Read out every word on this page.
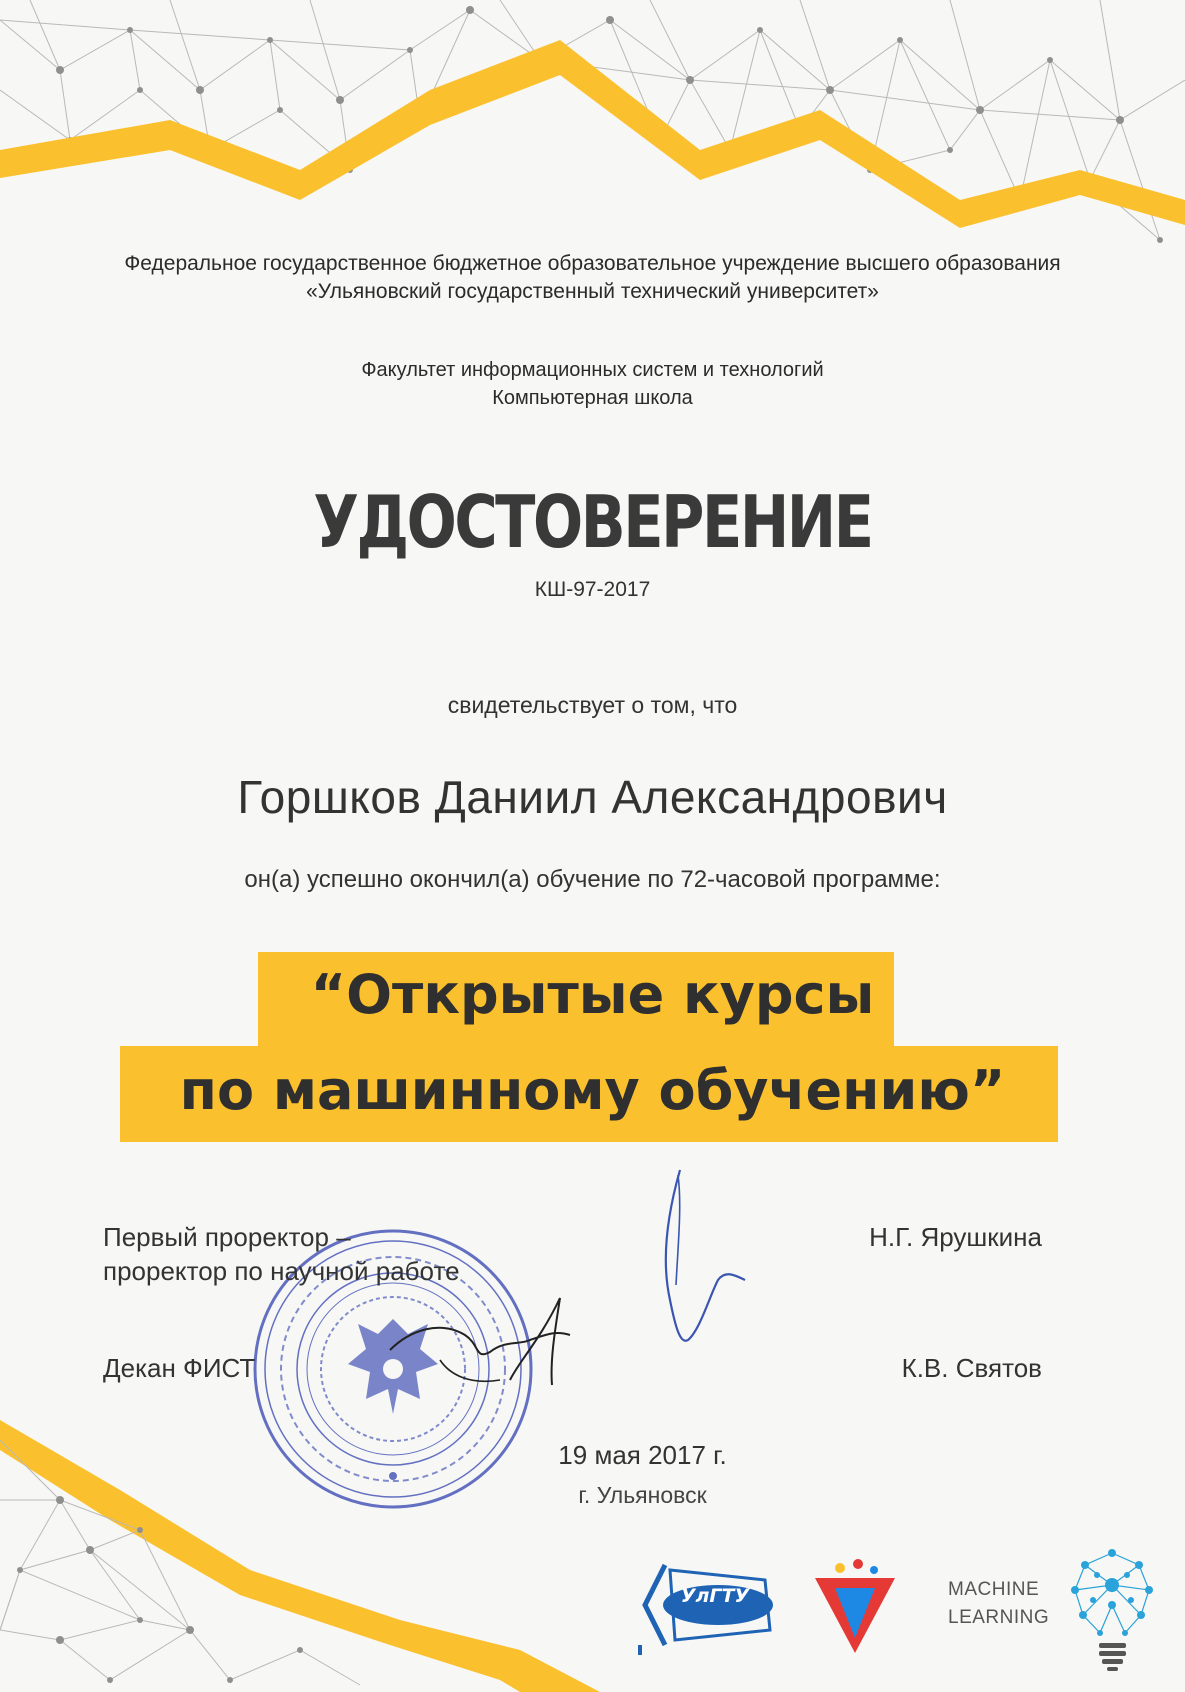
Федеральное государственное бюджетное образовательное учреждение высшего образования
«Ульяновский государственный технический университет»
Факультет информационных систем и технологий
Компьютерная школа
УДОСТОВЕРЕНИЕ
КШ-97-2017
свидетельствует о том, что
Горшков Даниил Александрович
он(а) успешно окончил(а) обучение по 72-часовой программе:
“Открытые курсы
по машинному обучению”
Первый проректор –
проректор по научной работе
Н.Г. Ярушкина
Декан ФИСТ	К.В. Святов
19 мая 2017 г.
г. Ульяновск
УлГТУ	MACHINE
LEARNING
